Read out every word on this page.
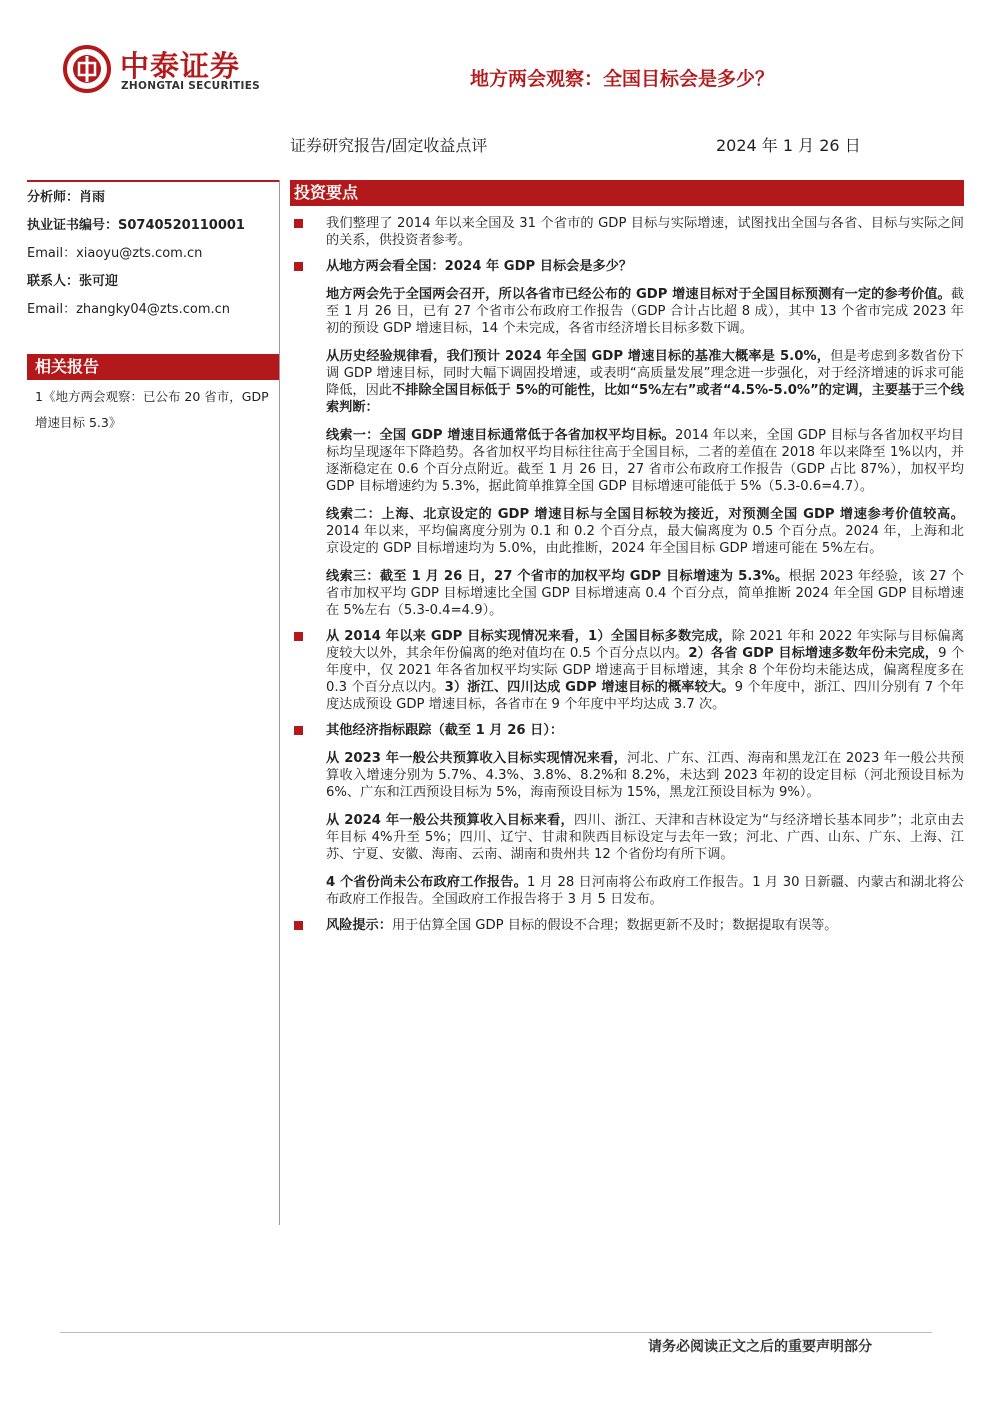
中泰证券
ZHONGTAI SECURITIES	地方两会观察：全国目标会是多少？
证券研究报告/固定收益点评	2024 年 1 月 26 日
分析师：肖雨
执业证书编号：S0740520110001
Email：xiaoyu@zts.com.cn
联系人：张可迎
Email：zhangky04@zts.com.cn
相关报告
1《地方两会观察：已公布 20 省市，GDP 增速目标 5.3》
投资要点
我们整理了 2014 年以来全国及 31 个省市的 GDP 目标与实际增速，试图找出全国与各省、目标与实际之间的关系，供投资者参考。
从地方两会看全国：2024 年 GDP 目标会是多少？
地方两会先于全国两会召开，所以各省市已经公布的 GDP 增速目标对于全国目标预测有一定的参考价值。截至 1 月 26 日，已有 27 个省市公布政府工作报告（GDP 合计占比超 8 成），其中 13 个省市完成 2023 年初的预设 GDP 增速目标，14 个未完成，各省市经济增长目标多数下调。
从历史经验规律看，我们预计 2024 年全国 GDP 增速目标的基准大概率是 5.0%，但是考虑到多数省份下调 GDP 增速目标，同时大幅下调固投增速，或表明“高质量发展”理念进一步强化，对于经济增速的诉求可能降低，因此不排除全国目标低于 5%的可能性，比如“5%左右”或者“4.5%-5.0%”的定调，主要基于三个线索判断：
线索一：全国 GDP 增速目标通常低于各省加权平均目标。2014 年以来，全国 GDP 目标与各省加权平均目标均呈现逐年下降趋势。各省加权平均目标往往高于全国目标，二者的差值在 2018 年以来降至 1%以内，并逐渐稳定在 0.6 个百分点附近。截至 1 月 26 日，27 省市公布政府工作报告（GDP 占比 87%），加权平均 GDP 目标增速约为 5.3%，据此简单推算全国 GDP 目标增速可能低于 5%（5.3-0.6=4.7）。
线索二：上海、北京设定的 GDP 增速目标与全国目标较为接近，对预测全国 GDP 增速参考价值较高。2014 年以来，平均偏离度分别为 0.1 和 0.2 个百分点，最大偏离度为 0.5 个百分点。2024 年，上海和北京设定的 GDP 目标增速均为 5.0%，由此推断，2024 年全国目标 GDP 增速可能在 5%左右。
线索三：截至 1 月 26 日，27 个省市的加权平均 GDP 目标增速为 5.3%。根据 2023 年经验，该 27 个省市加权平均 GDP 目标增速比全国 GDP 目标增速高 0.4 个百分点，简单推断 2024 年全国 GDP 目标增速在 5%左右（5.3-0.4=4.9）。
从 2014 年以来 GDP 目标实现情况来看，1）全国目标多数完成，除 2021 年和 2022 年实际与目标偏离度较大以外，其余年份偏离的绝对值均在 0.5 个百分点以内。2）各省 GDP 目标增速多数年份未完成，9 个年度中，仅 2021 年各省加权平均实际 GDP 增速高于目标增速，其余 8 个年份均未能达成，偏离程度多在 0.3 个百分点以内。3）浙江、四川达成 GDP 增速目标的概率较大。9 个年度中，浙江、四川分别有 7 个年度达成预设 GDP 增速目标，各省市在 9 个年度中平均达成 3.7 次。
其他经济指标跟踪（截至 1 月 26 日）：
从 2023 年一般公共预算收入目标实现情况来看，河北、广东、江西、海南和黑龙江在 2023 年一般公共预算收入增速分别为 5.7%、4.3%、3.8%、8.2%和 8.2%，未达到 2023 年初的设定目标（河北预设目标为 6%、广东和江西预设目标为 5%，海南预设目标为 15%，黑龙江预设目标为 9%）。
从 2024 年一般公共预算收入目标来看，四川、浙江、天津和吉林设定为“与经济增长基本同步”；北京由去年目标 4%升至 5%；四川、辽宁、甘肃和陕西目标设定与去年一致；河北、广西、山东、广东、上海、江苏、宁夏、安徽、海南、云南、湖南和贵州共 12 个省份均有所下调。
4 个省份尚未公布政府工作报告。1 月 28 日河南将公布政府工作报告。1 月 30 日新疆、内蒙古和湖北将公布政府工作报告。全国政府工作报告将于 3 月 5 日发布。
风险提示：用于估算全国 GDP 目标的假设不合理；数据更新不及时；数据提取有误等。
请务必阅读正文之后的重要声明部分
